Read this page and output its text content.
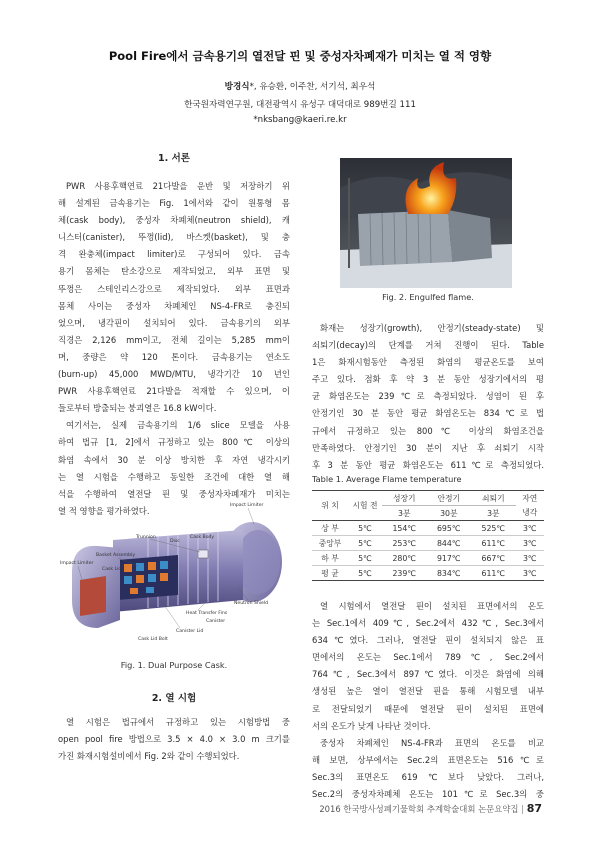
Pool Fire에서 금속용기의 열전달 핀 및 중성자차폐재가 미치는 열 적 영향
방경식*, 유승환, 이주찬, 서기석, 최우석
한국원자력연구원, 대전광역시 유성구 대덕대로 989번길 111
*nksbang@kaeri.re.kr
1. 서론
PWR 사용후핵연료 21다발을 운반 및 저장하기 위
해 설계된 금속용기는 Fig. 1에서와 같이 원통형 몸
체(cask body), 중성자 차폐체(neutron shield), 캐
니스터(canister), 뚜껑(lid), 바스켓(basket), 및 충
격 완충체(impact limiter)로 구성되어 있다. 금속
용기 몸체는 탄소강으로 제작되었고, 외부 표면 및
뚜껑은 스테인리스강으로 제작되었다. 외부 표면과
몸체 사이는 중성자 차폐체인 NS-4-FR로 충진되
었으며, 냉각핀이 설치되어 있다. 금속용기의 외부
직경은 2,126 mm이고, 전체 길이는 5,285 mm이
며, 중량은 약 120 톤이다. 금속용기는 연소도
(burn-up) 45,000 MWD/MTU, 냉각기간 10 년인
PWR 사용후핵연료 21다발을 적재할 수 있으며, 이
들로부터 방출되는 붕괴열은 16.8 kW이다.
여기서는, 실제 금속용기의 1/6 slice 모델을 사용
하여 법규 [1, 2]에서 규정하고 있는 800℃ 이상의
화염 속에서 30 분 이상 방치한 후 자연 냉각시키
는 열 시험을 수행하고 동일한 조건에 대한 열 해
석을 수행하여 열전달 핀 및 중성자차폐재가 미치는
열 적 영향을 평가하였다.
Impact Limiter
Trunnion
Disc
Cask Body
Basket Assembly
Cask Lid
Impact Limiter
Neutron Shield
Heat Transfer Fins
Canister
Canister Lid
Cask Lid Bolt
Fig. 1. Dual Purpose Cask.
2. 열 시험
열 시험은 법규에서 규정하고 있는 시험방법 중
open pool fire 방법으로 3.5 × 4.0 × 3.0 m 크기를
가진 화재시험설비에서 Fig. 2와 같이 수행되었다.
Fig. 2. Engulfed flame.
화재는 성장기(growth), 안정기(steady-state) 및
쇠퇴기(decay)의 단계를 거쳐 진행이 된다. Table
1은 화재시험동안 측정된 화염의 평균온도를 보여
주고 있다. 점화 후 약 3 분 동안 성장기에서의 평
균 화염온도는 239℃로 측정되었다. 성염이 된 후
안정기인 30 분 동안 평균 화염온도는 834℃로 법
규에서 규정하고 있는 800℃ 이상의 화염조건을
만족하였다. 안정기인 30 분이 지난 후 쇠퇴기 시작
후 3 분 동안 평균 화염온도는 611℃로 측정되었다.
Table 1. Average Flame temperature
위 치	시험 전	성장기	안정기	쇠퇴기	자연
		3분	30분	3분	냉각
상 부	5℃	154℃	695℃	525℃	3℃
중앙부	5℃	253℃	844℃	611℃	3℃
하 부	5℃	280℃	917℃	667℃	3℃
평 균	5℃	239℃	834℃	611℃	3℃
열 시험에서 열전달 핀이 설치된 표면에서의 온도
는 Sec.1에서 409℃, Sec.2에서 432℃, Sec.3에서
634℃였다. 그러나, 열전달 핀이 설치되지 않은 표
면에서의 온도는 Sec.1에서 789℃, Sec.2에서
764℃, Sec.3에서 897℃였다. 이것은 화염에 의해
생성된 높은 열이 열전달 핀을 통해 시험모델 내부
로 전달되었기 때문에 열전달 핀이 설치된 표면에
서의 온도가 낮게 나타난 것이다.
중성자 차폐체인 NS-4-FR과 표면의 온도를 비교
해 보면, 상부에서는 Sec.2의 표면온도는 516℃로
Sec.3의 표면온도 619℃보다 낮았다. 그러나,
Sec.2의 중성자차폐체 온도는 101℃로 Sec.3의 중
2016 한국방사성폐기물학회 추계학술대회 논문요약집 | 87
